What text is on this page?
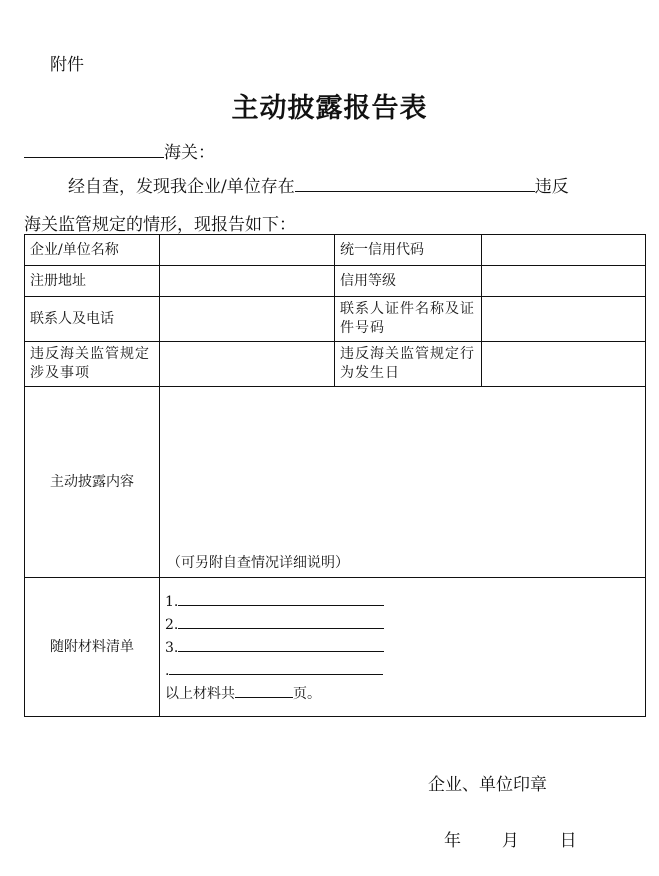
附件
主动披露报告表
海关：
经自查，发现我企业/单位存在	违反
海关监管规定的情形，现报告如下：
企业/单位名称		统一信用代码	
注册地址		信用等级	
联系人及电话		联系人证件名称及证件号码	
违反海关监管规定涉及事项		违反海关监管规定行为发生日	
主动披露内容	（可另附自查情况详细说明）		

随附材料清单	1.
2.
3.
.
以上材料共 页。		
企业、单位印章
年 月 日
